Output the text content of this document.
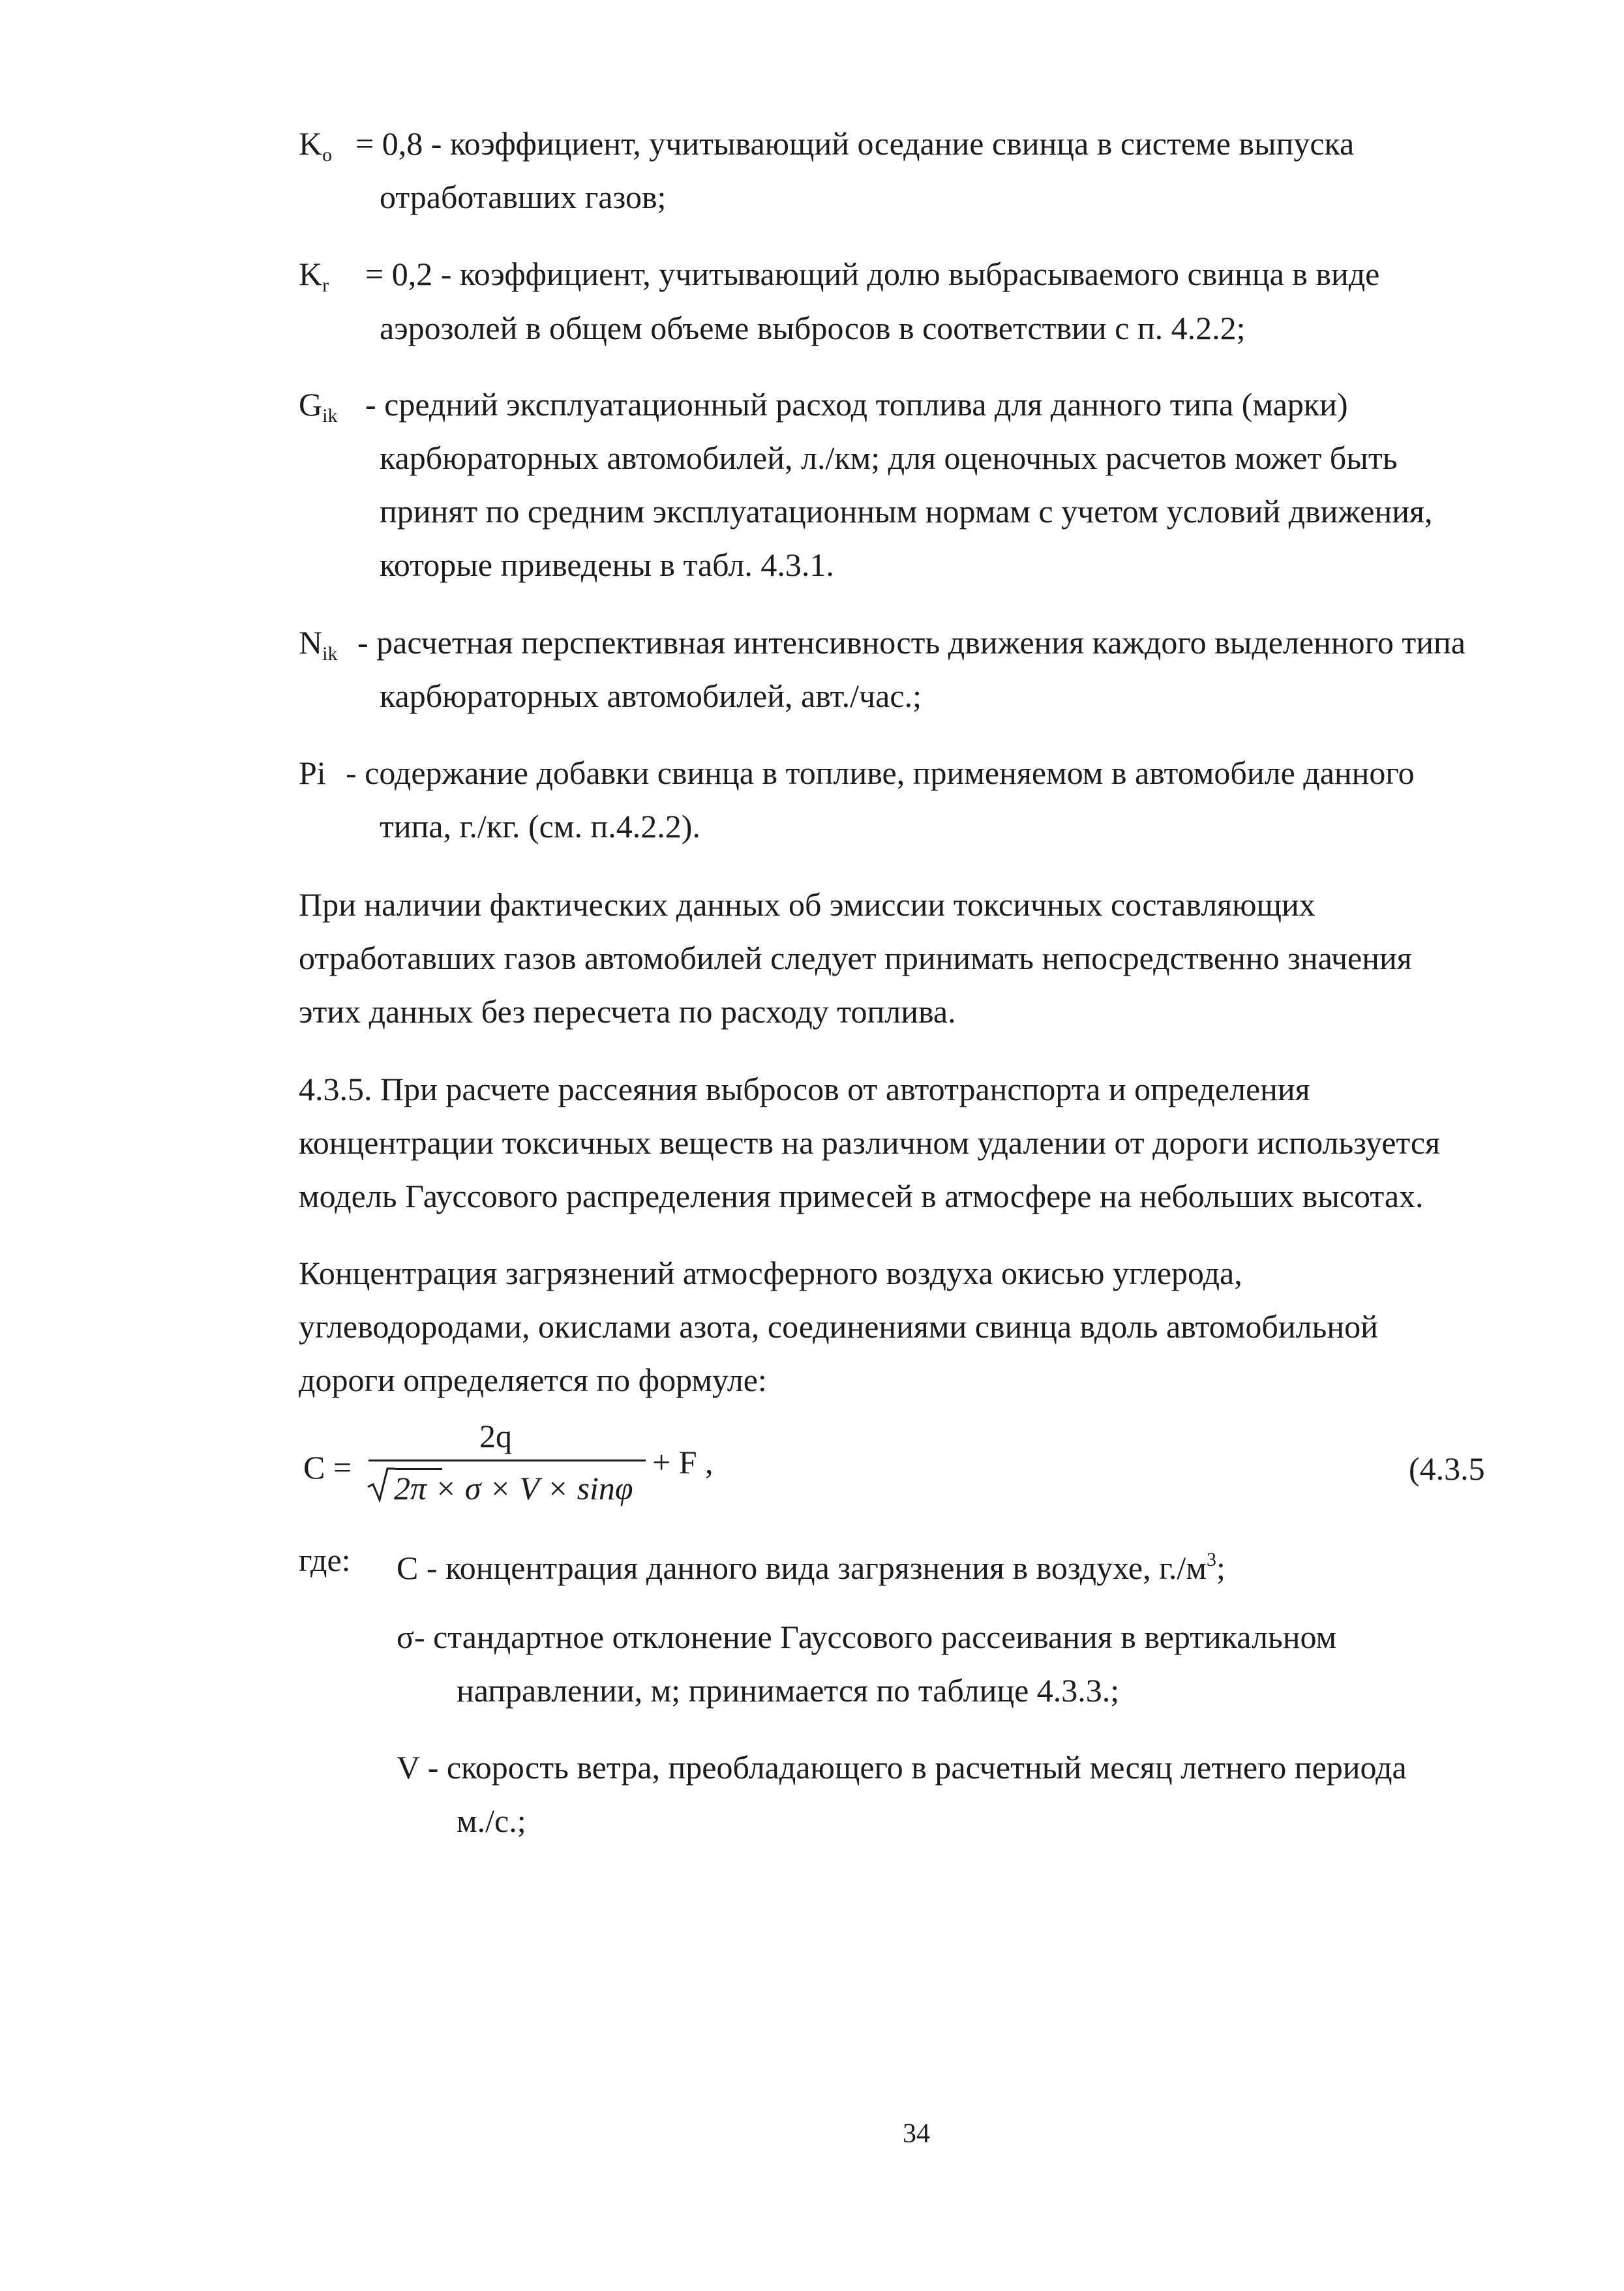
$K_o = 0,8$ - коэффициент, учитывающий оседание свинца в системе выпуска
отработавших газов;
$K_r = 0,2$ - коэффициент, учитывающий долю выбрасываемого свинца в виде
аэрозолей в общем объеме выбросов в соответствии с п. 4.2.2;
$G_{ik}$ - средний эксплуатационный расход топлива для данного типа (марки)
карбюраторных автомобилей, л./км; для оценочных расчетов может быть
принят по средним эксплуатационным нормам с учетом условий движения,
которые приведены в табл. 4.3.1.
$N_{ik}$ - расчетная перспективная интенсивность движения каждого выделенного типа
карбюраторных автомобилей, авт./час.;
Pi - содержание добавки свинца в топливе, применяемом в автомобиле данного
типа, г./кг. (см. п.4.2.2).
При наличии фактических данных об эмиссии токсичных составляющих
отработавших газов автомобилей следует принимать непосредственно значения
этих данных без пересчета по расходу топлива.
4.3.5. При расчете рассеяния выбросов от автотранспорта и определения
концентрации токсичных веществ на различном удалении от дороги используется
модель Гауссового распределения примесей в атмосфере на небольших высотах.
Концентрация загрязнений атмосферного воздуха окисью углерода,
углеводородами, окислами азота, соединениями свинца вдоль автомобильной
дороги определяется по формуле:
C =
2q
2π × σ × V × sinφ
+ F ,	(4.3.5
где: C - концентрация данного вида загрязнения в воздухе, $г./м^3$;
σ- стандартное отклонение Гауссового рассеивания в вертикальном
направлении, м; принимается по таблице 4.3.3.;
V - скорость ветра, преобладающего в расчетный месяц летнего периода
м./с.;
34
